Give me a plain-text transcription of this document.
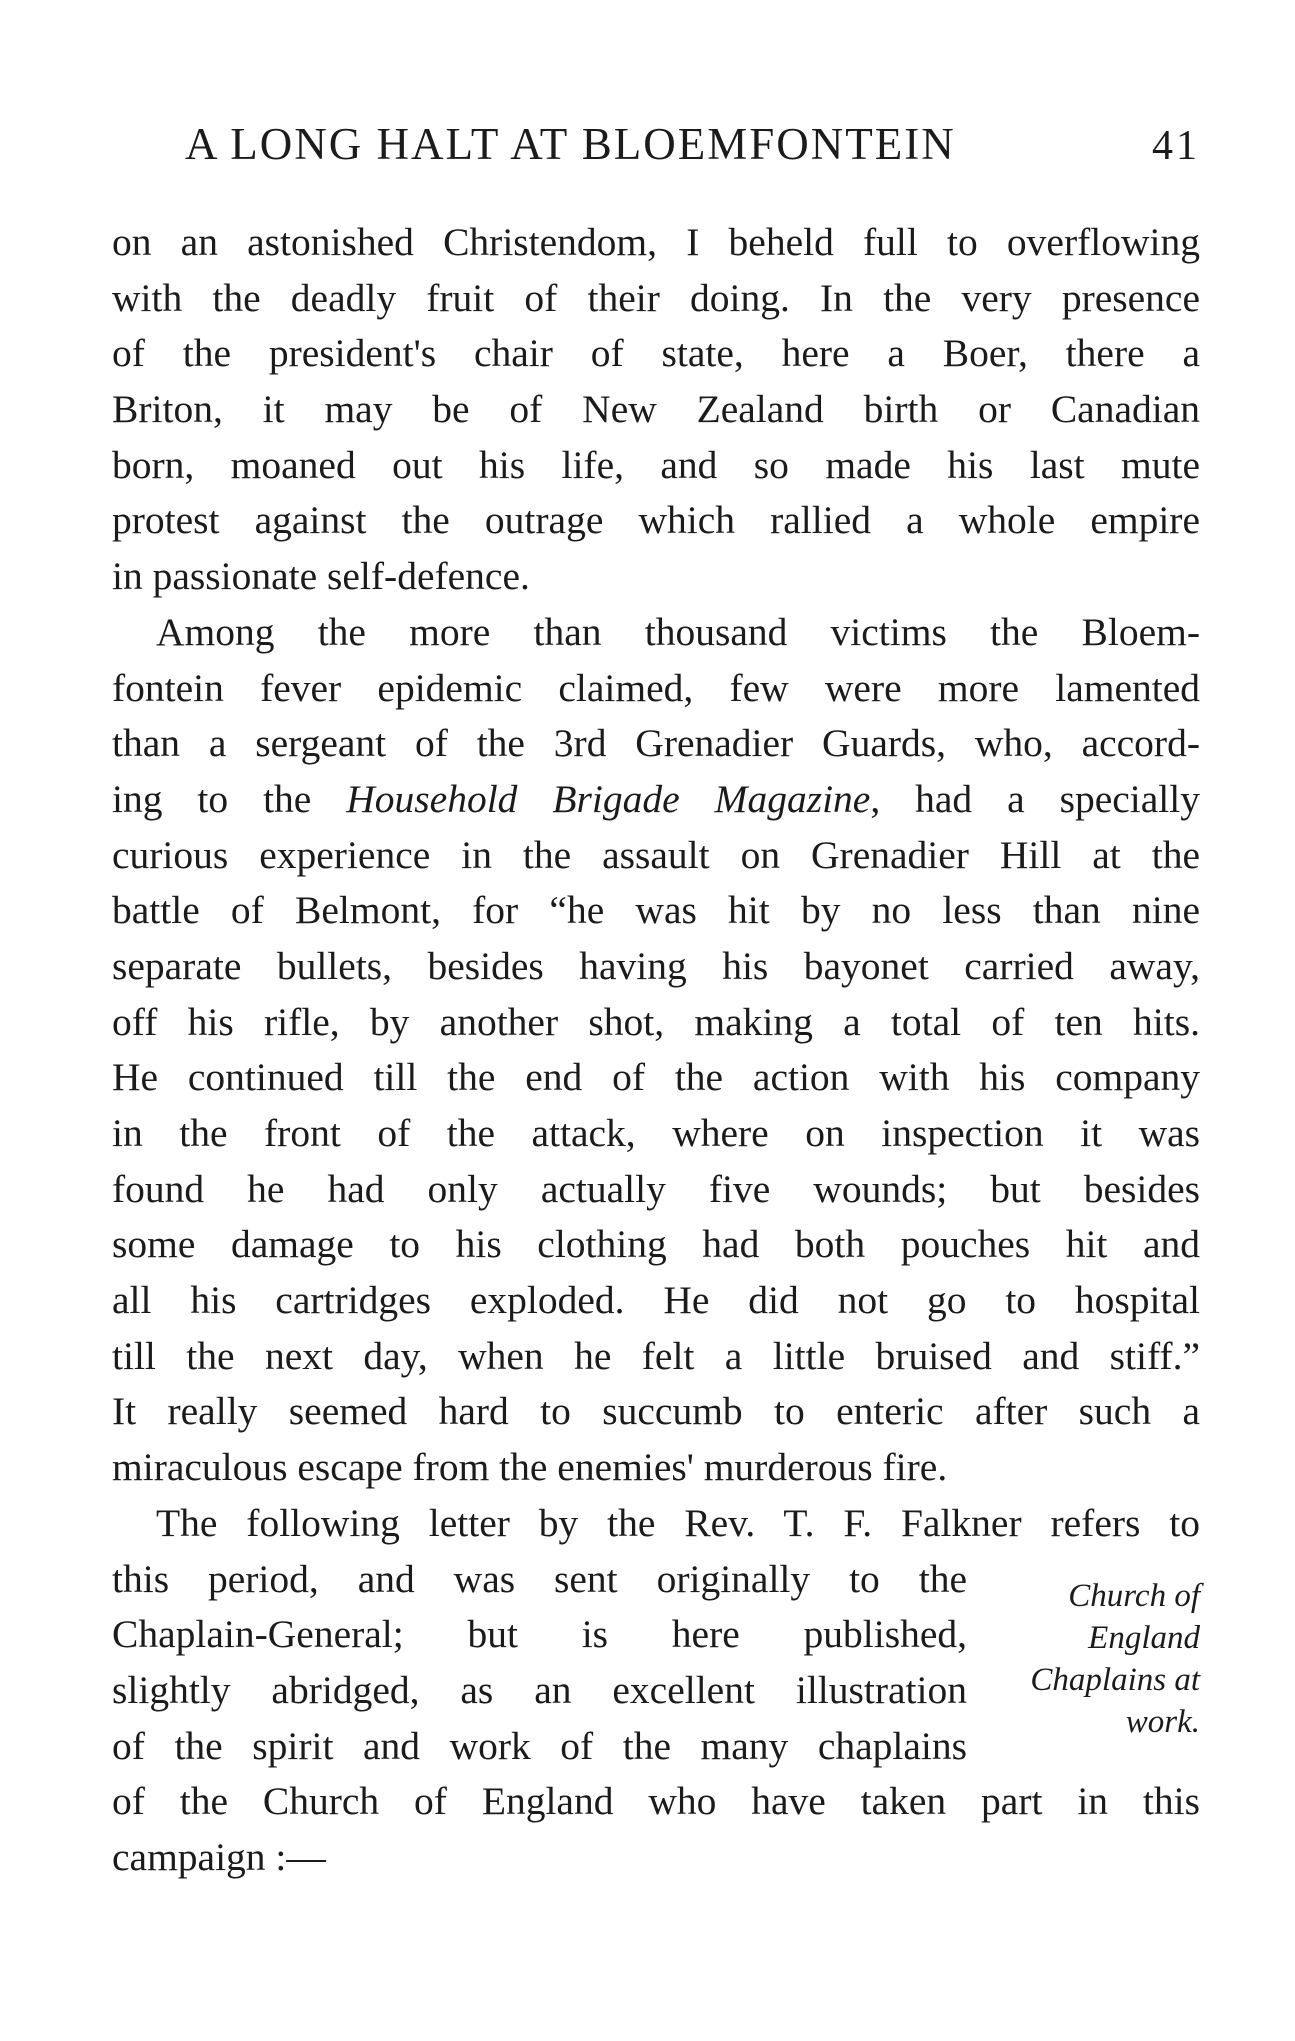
A LONG HALT AT BLOEMFONTEIN	41
on an astonished Christendom, I beheld full to overflowing
with the deadly fruit of their doing. In the very presence
of the president's chair of state, here a Boer, there a
Briton, it may be of New Zealand birth or Canadian
born, moaned out his life, and so made his last mute
protest against the outrage which rallied a whole empire
in passionate self-defence.
Among the more than thousand victims the Bloem-
fontein fever epidemic claimed, few were more lamented
than a sergeant of the 3rd Grenadier Guards, who, accord-
ing to the Household Brigade Magazine, had a specially
curious experience in the assault on Grenadier Hill at the
battle of Belmont, for “he was hit by no less than nine
separate bullets, besides having his bayonet carried away,
off his rifle, by another shot, making a total of ten hits.
He continued till the end of the action with his company
in the front of the attack, where on inspection it was
found he had only actually five wounds; but besides
some damage to his clothing had both pouches hit and
all his cartridges exploded. He did not go to hospital
till the next day, when he felt a little bruised and stiff.”
It really seemed hard to succumb to enteric after such a
miraculous escape from the enemies' murderous fire.
The following letter by the Rev. T. F. Falkner refers to
this period, and was sent originally to the
Chaplain-General; but is here published,
slightly abridged, as an excellent illustration
of the spirit and work of the many chaplains
of the Church of England who have taken part in this
campaign :—
Church of
England
Chaplains at
work.
